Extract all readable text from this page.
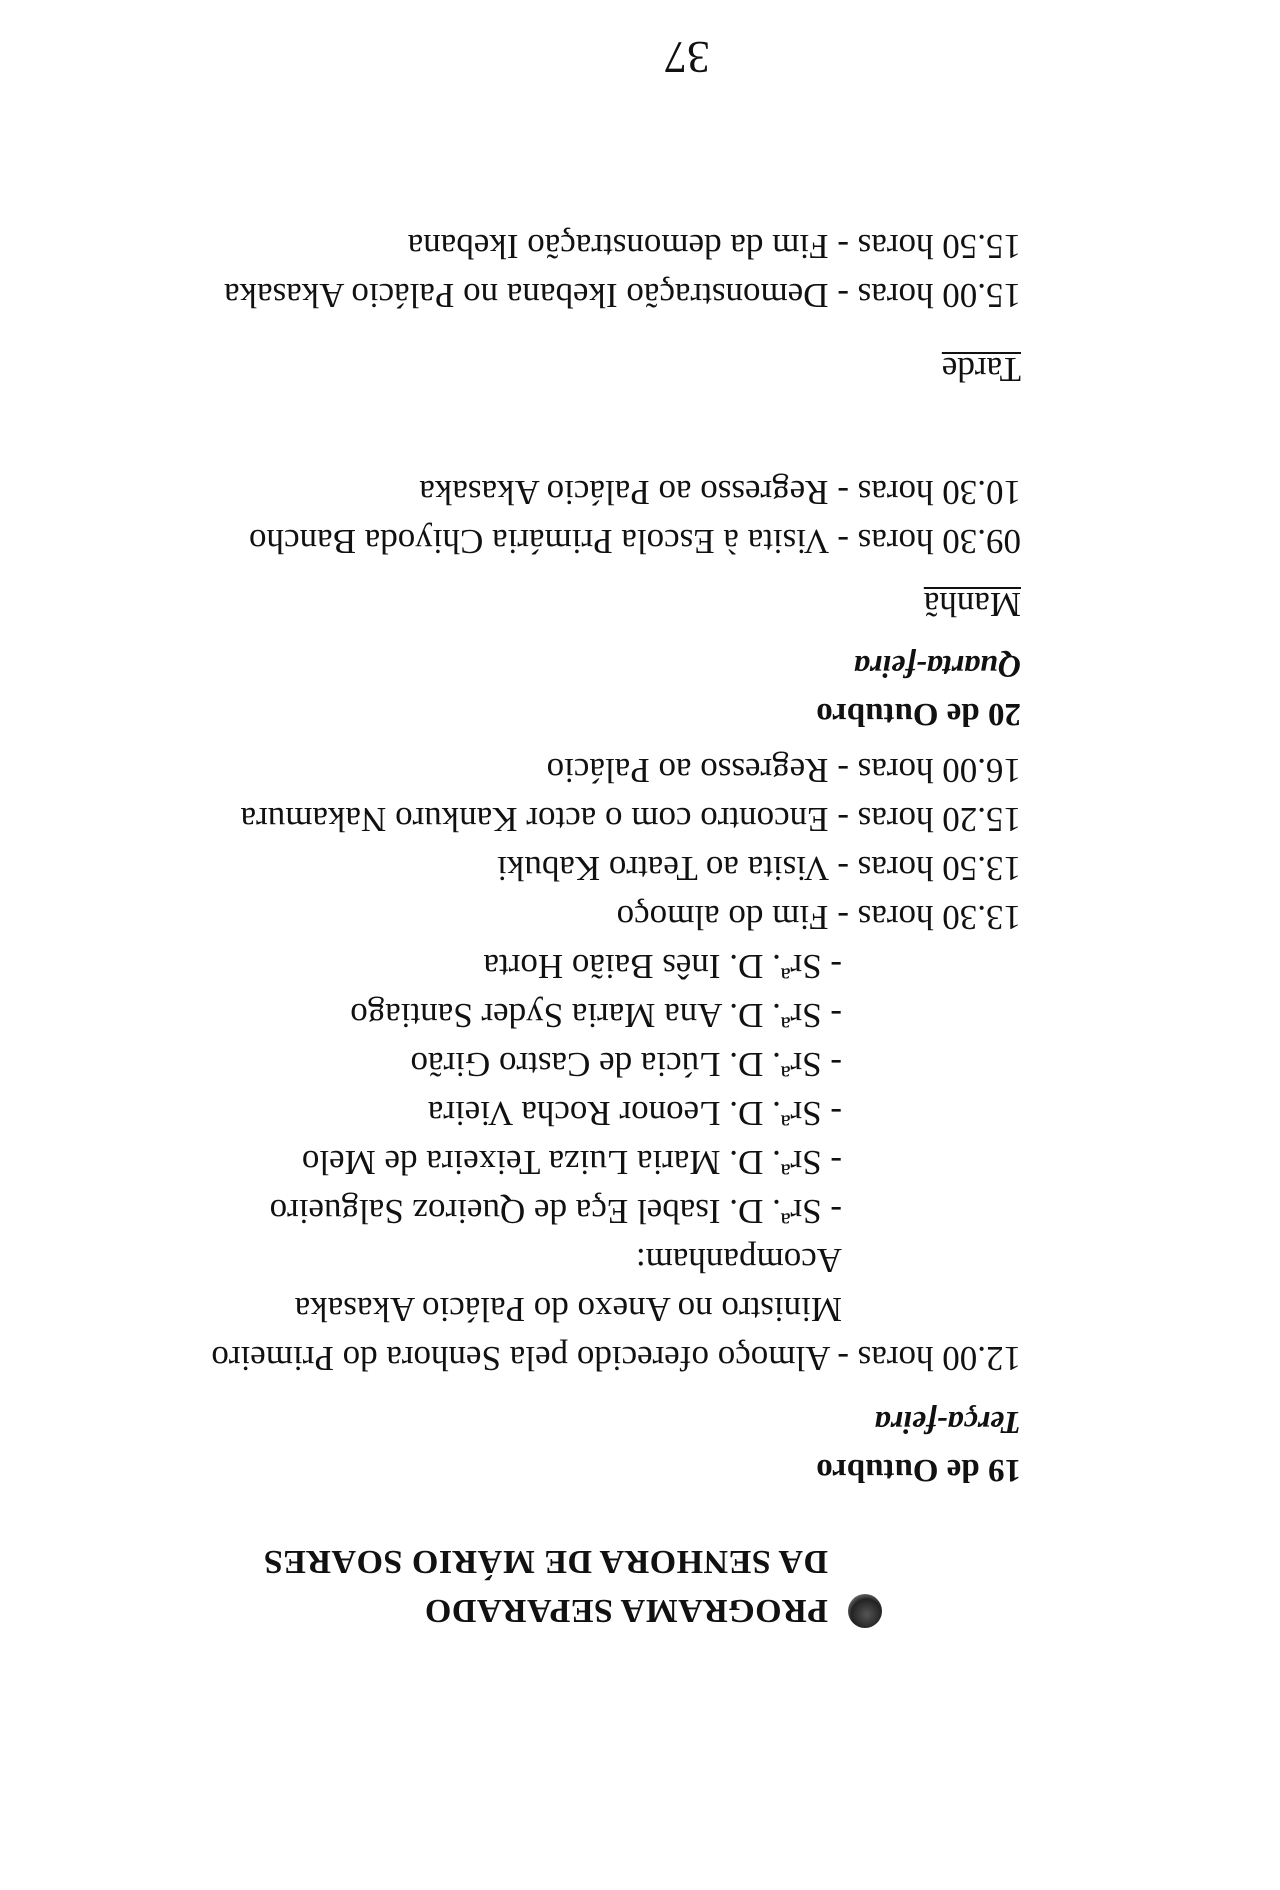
PROGRAMA SEPARADO
DA SENHORA DE MÁRIO SOARES
19 de Outubro
Terça-feira
12.00 horas - Almoço oferecido pela Senhora do Primeiro
Ministro no Anexo do Palácio Akasaka
Acompanham:
- Srª. D. Isabel Eça de Queiroz Salgueiro
- Srª. D. Maria Luiza Teixeira de Melo
- Srª. D. Leonor Rocha Vieira
- Srª. D. Lúcia de Castro Girão
- Srª. D. Ana Maria Syder Santiago
- Srª. D. Inês Baião Horta
13.30 horas - Fim do almoço
13.50 horas - Visita ao Teatro Kabuki
15.20 horas - Encontro com o actor Kankuro Nakamura
16.00 horas - Regresso ao Palácio
20 de Outubro
Quarta-feira
Manhã
09.30 horas - Visita à Escola Primária Chiyoda Bancho
10.30 horas - Regresso ao Palácio Akasaka
Tarde
15.00 horas - Demonstração Ikebana no Palácio Akasaka
15.50 horas - Fim da demonstração Ikebana
37
